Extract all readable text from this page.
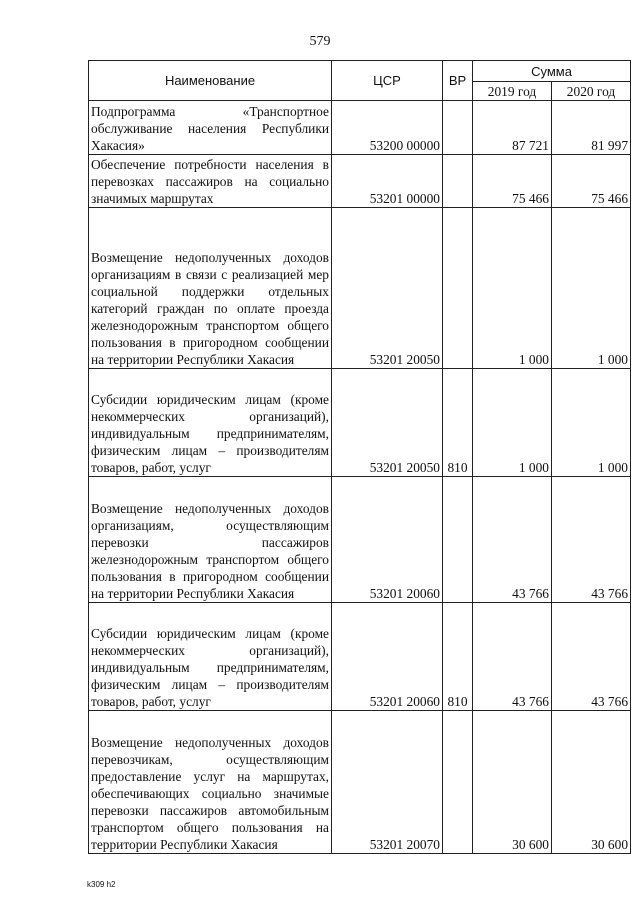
579
Наименование	ЦСР	ВР	Сумма	
			2019 год	2020 год
Подпрограмма «Транспортное обслуживание населения Республики Хакасия»	53200 00000		87 721	81 997
Обеспечение потребности населения в перевозках пассажиров на социально значимых маршрутах	53201 00000		75 466	75 466
Возмещение недополученных доходов организациям в связи с реализацией мер социальной поддержки отдельных категорий граждан по оплате проезда железнодорожным транспортом общего пользования в пригородном сообщении на территории Республики Хакасия	53201 20050		1 000	1 000
Субсидии юридическим лицам (кроме некоммерческих организаций), индивидуальным предпринимателям, физическим лицам – производителям товаров, работ, услуг	53201 20050	810	1 000	1 000
Возмещение недополученных доходов организациям, осуществляющим перевозки пассажиров железнодорожным транспортом общего пользования в пригородном сообщении на территории Республики Хакасия	53201 20060		43 766	43 766
Субсидии юридическим лицам (кроме некоммерческих организаций), индивидуальным предпринимателям, физическим лицам – производителям товаров, работ, услуг	53201 20060	810	43 766	43 766
Возмещение недополученных доходов перевозчикам, осуществляющим предоставление услуг на маршрутах, обеспечивающих социально значимые перевозки пассажиров автомобильным транспортом общего пользования на территории Республики Хакасия	53201 20070		30 600	30 600
k309 h2
